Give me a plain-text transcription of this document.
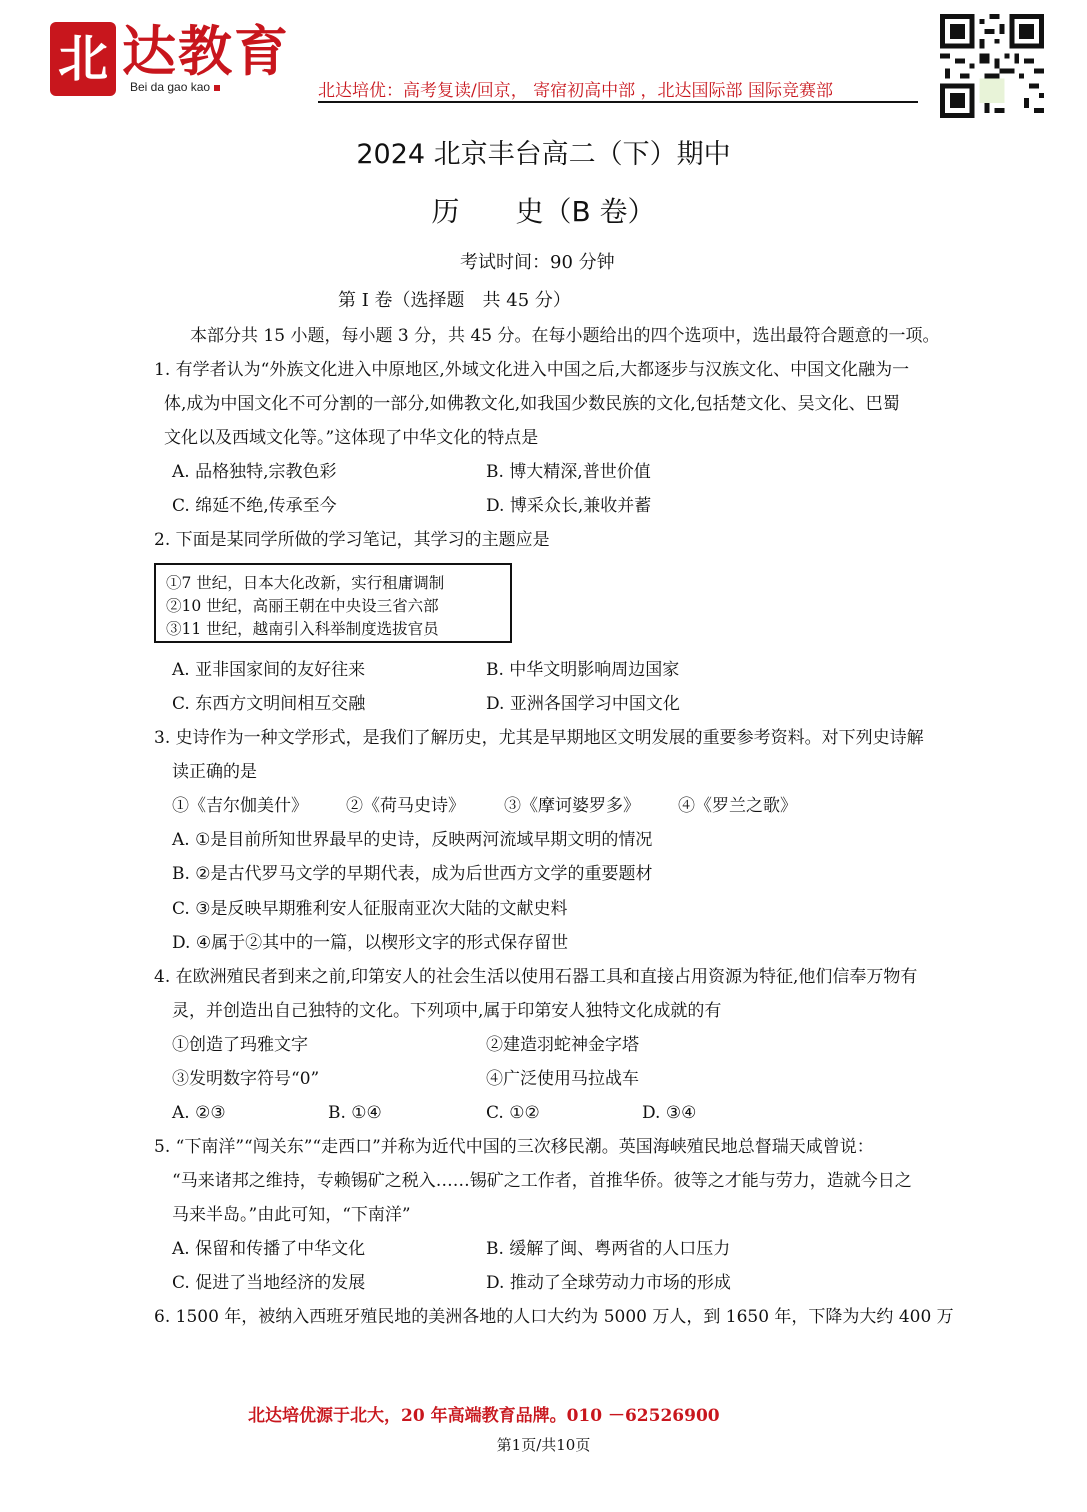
北 达教育
Bei da gao kao	北达培优：高考复读/回京， 寄宿初高中部 ，北达国际部 国际竞赛部
2024 北京丰台高二（下）期中
历　　史（B 卷）
考试时间：90 分钟
第 I 卷（选择题　共 45 分）
本部分共 15 小题，每小题 3 分，共 45 分。在每小题给出的四个选项中，选出最符合题意的一项。
1. 有学者认为“外族文化进入中原地区,外域文化进入中国之后,大都逐步与汉族文化、中国文化融为一
体,成为中国文化不可分割的一部分,如佛教文化,如我国少数民族的文化,包括楚文化、吴文化、巴蜀
文化以及西域文化等。”这体现了中华文化的特点是
A. 品格独特,宗教色彩	B. 博大精深,普世价值
C. 绵延不绝,传承至今	D. 博采众长,兼收并蓄
2. 下面是某同学所做的学习笔记，其学习的主题应是
①7 世纪，日本大化改新，实行租庸调制
②10 世纪，高丽王朝在中央设三省六部
③11 世纪，越南引入科举制度选拔官员
A. 亚非国家间的友好往来	B. 中华文明影响周边国家
C. 东西方文明间相互交融	D. 亚洲各国学习中国文化
3. 史诗作为一种文学形式，是我们了解历史，尤其是早期地区文明发展的重要参考资料。对下列史诗解
读正确的是
①《吉尔伽美什》 ②《荷马史诗》 ③《摩诃婆罗多》 ④《罗兰之歌》
A. ①是目前所知世界最早的史诗，反映两河流域早期文明的情况
B. ②是古代罗马文学的早期代表，成为后世西方文学的重要题材
C. ③是反映早期雅利安人征服南亚次大陆的文献史料
D. ④属于②其中的一篇，以楔形文字的形式保存留世
4. 在欧洲殖民者到来之前,印第安人的社会生活以使用石器工具和直接占用资源为特征,他们信奉万物有
灵，并创造出自己独特的文化。下列项中,属于印第安人独特文化成就的有
①创造了玛雅文字	②建造羽蛇神金字塔
③发明数字符号“0”	④广泛使用马拉战车
A. ②③	B. ①④	C. ①②	D. ③④
5. “下南洋”“闯关东”“走西口”并称为近代中国的三次移民潮。英国海峡殖民地总督瑞天咸曾说：
“马来诸邦之维持，专赖锡矿之税入……锡矿之工作者，首推华侨。彼等之才能与劳力，造就今日之
马来半岛。”由此可知，“下南洋”
A. 保留和传播了中华文化	B. 缓解了闽、粤两省的人口压力
C. 促进了当地经济的发展	D. 推动了全球劳动力市场的形成
6. 1500 年，被纳入西班牙殖民地的美洲各地的人口大约为 5000 万人，到 1650 年，下降为大约 400 万
北达培优源于北大，20 年高端教育品牌。010 －62526900
第1页/共10页
